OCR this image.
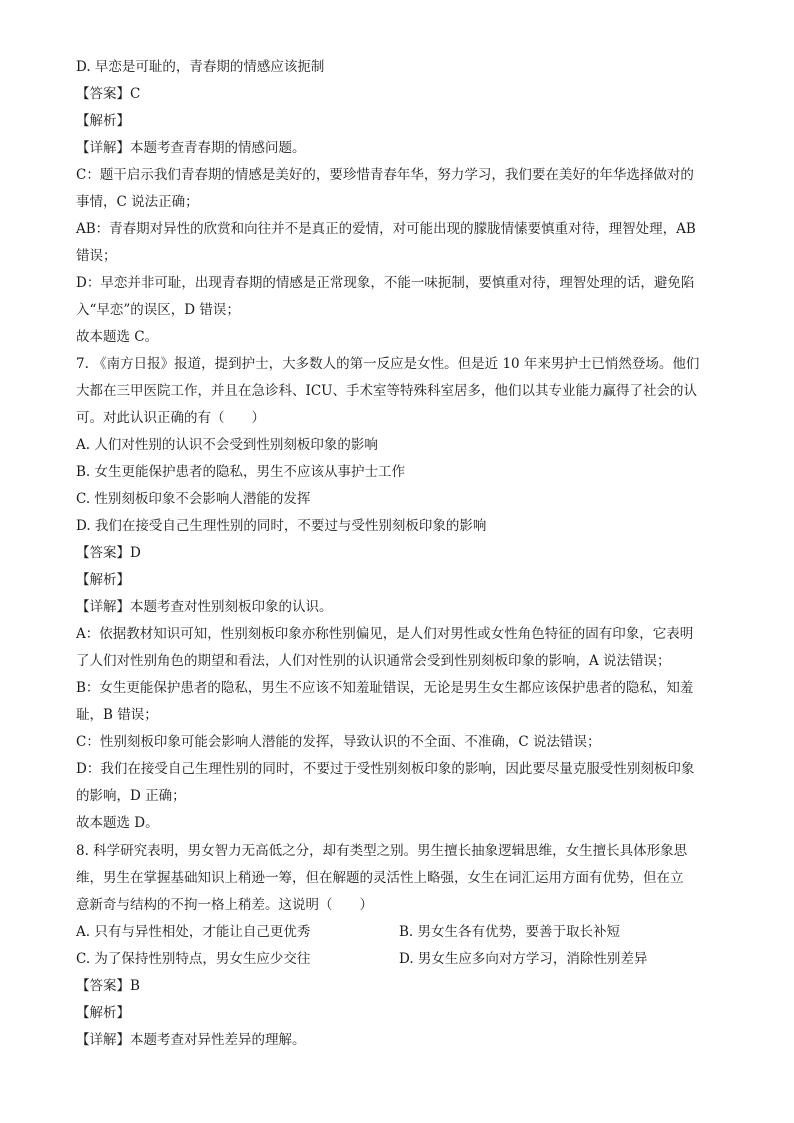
D. 早恋是可耻的，青春期的情感应该扼制
【答案】C
【解析】
【详解】本题考查青春期的情感问题。
C：题干启示我们青春期的情感是美好的，要珍惜青春年华，努力学习，我们要在美好的年华选择做对的
事情，C 说法正确；
AB：青春期对异性的欣赏和向往并不是真正的爱情，对可能出现的朦胧情愫要慎重对待，理智处理，AB
错误；
D：早恋并非可耻，出现青春期的情感是正常现象，不能一味扼制，要慎重对待，理智处理的话，避免陷
入“早恋”的误区，D 错误；
故本题选 C。
7. 《南方日报》报道，提到护士，大多数人的第一反应是女性。但是近 10 年来男护士已悄然登场。他们
大都在三甲医院工作，并且在急诊科、ICU、手术室等特殊科室居多，他们以其专业能力赢得了社会的认
可。对此认识正确的有（　　）
A. 人们对性别的认识不会受到性别刻板印象的影响
B. 女生更能保护患者的隐私，男生不应该从事护士工作
C. 性别刻板印象不会影响人潜能的发挥
D. 我们在接受自己生理性别的同时，不要过与受性别刻板印象的影响
【答案】D
【解析】
【详解】本题考查对性别刻板印象的认识。
A：依据教材知识可知，性别刻板印象亦称性别偏见，是人们对男性或女性角色特征的固有印象，它表明
了人们对性别角色的期望和看法，人们对性别的认识通常会受到性别刻板印象的影响，A 说法错误；
B：女生更能保护患者的隐私，男生不应该不知羞耻错误，无论是男生女生都应该保护患者的隐私，知羞
耻，B 错误；
C：性别刻板印象可能会影响人潜能的发挥，导致认识的不全面、不准确，C 说法错误；
D：我们在接受自己生理性别的同时，不要过于受性别刻板印象的影响，因此要尽量克服受性别刻板印象
的影响，D 正确；
故本题选 D。
8. 科学研究表明，男女智力无高低之分，却有类型之别。男生擅长抽象逻辑思维，女生擅长具体形象思
维，男生在掌握基础知识上稍逊一筹，但在解题的灵活性上略强，女生在词汇运用方面有优势，但在立
意新奇与结构的不拘一格上稍差。这说明（　　）
A. 只有与异性相处，才能让自己更优秀	B. 男女生各有优势，要善于取长补短
C. 为了保持性别特点，男女生应少交往	D. 男女生应多向对方学习，消除性别差异
【答案】B
【解析】
【详解】本题考查对异性差异的理解。
